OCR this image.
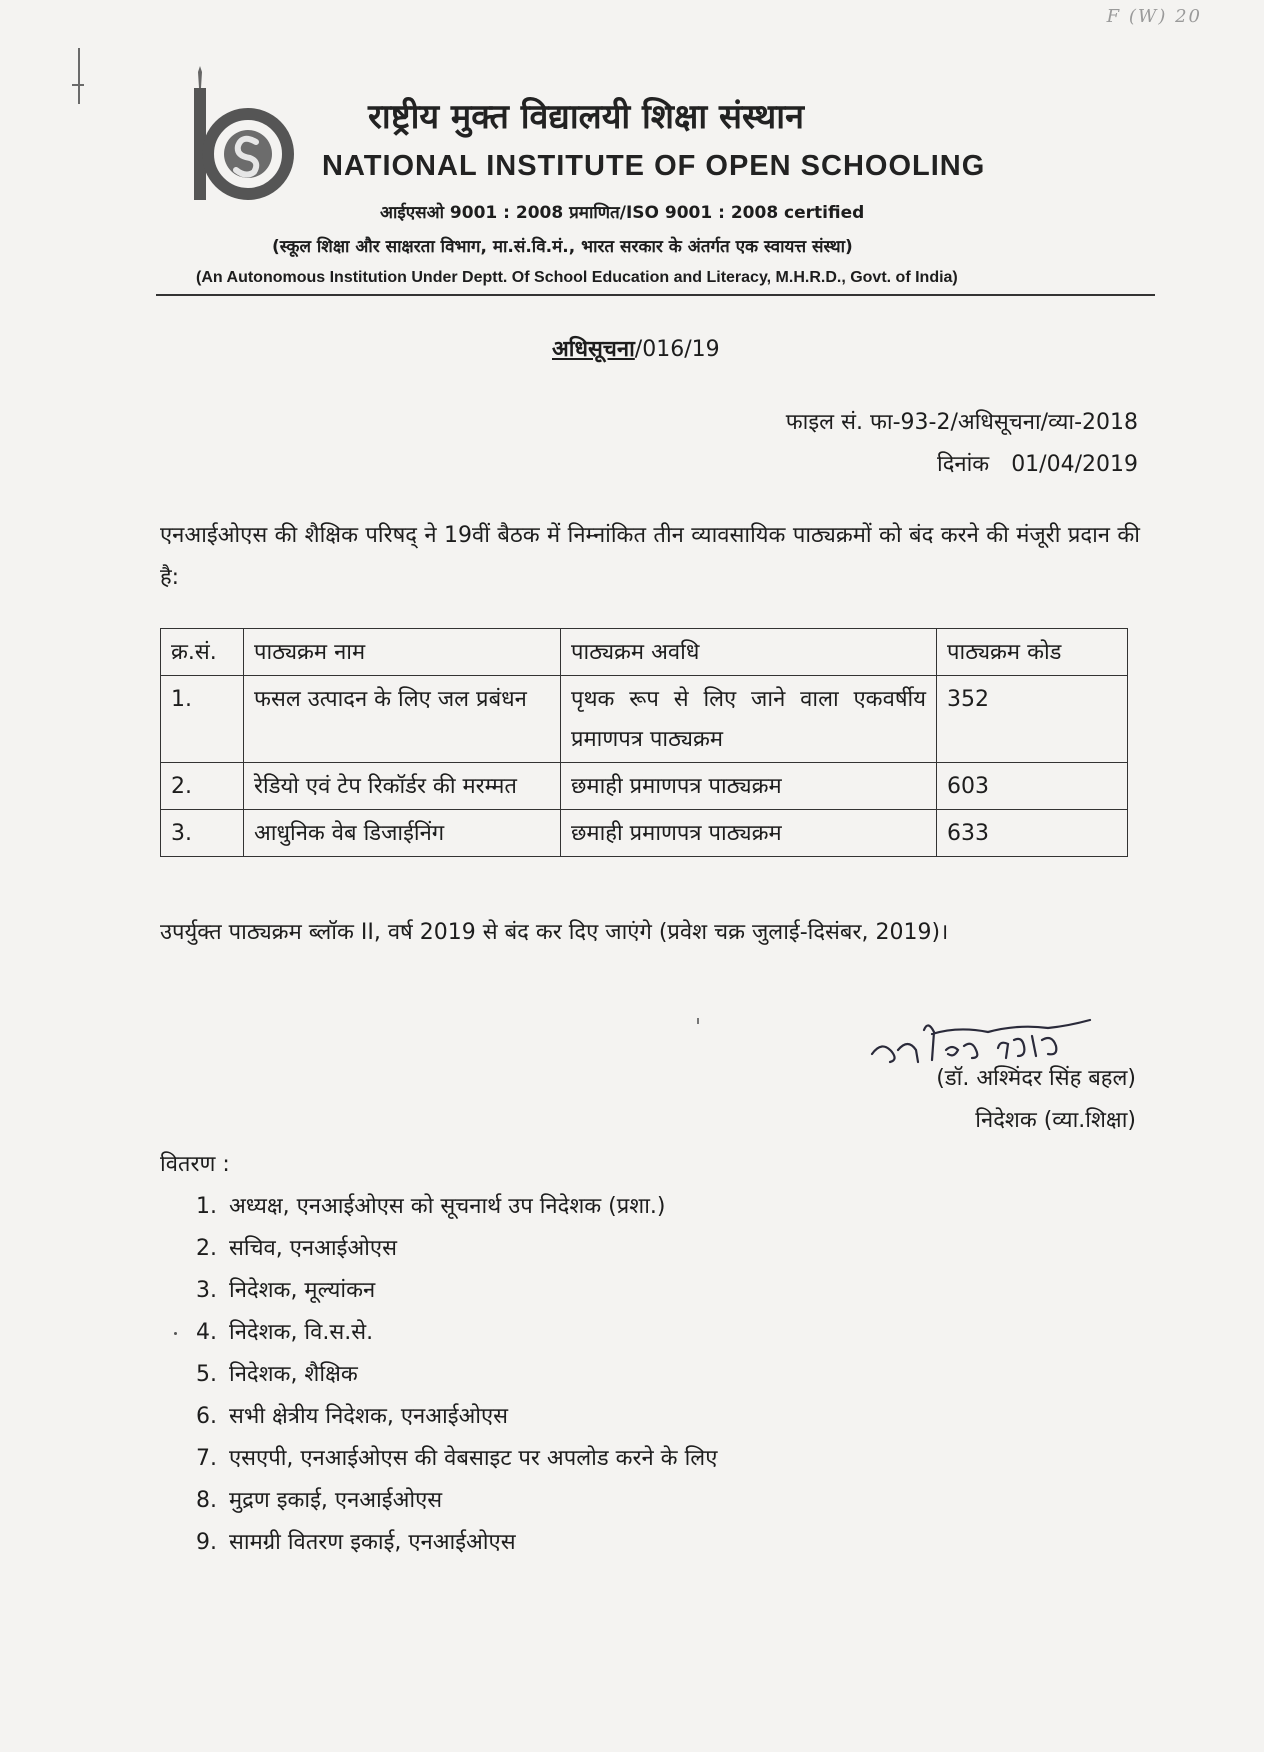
F (W) 20
राष्ट्रीय मुक्त विद्यालयी शिक्षा संस्थान
NATIONAL INSTITUTE OF OPEN SCHOOLING
आईएसओ 9001 : 2008 प्रमाणित/ISO 9001 : 2008 certified
(स्कूल शिक्षा और साक्षरता विभाग, मा.सं.वि.मं., भारत सरकार के अंतर्गत एक स्वायत्त संस्था)
(An Autonomous Institution Under Deptt. Of School Education and Literacy, M.H.R.D., Govt. of India)
अधिसूचना/016/19
फाइल सं. फा-93-2/अधिसूचना/व्या-2018
दिनांक 01/04/2019
एनआईओएस की शैक्षिक परिषद् ने 19वीं बैठक में निम्नांकित तीन व्यावसायिक पाठ्यक्रमों को बंद करने की मंजूरी प्रदान की है:
क्र.सं.	पाठ्यक्रम नाम	पाठ्यक्रम अवधि	पाठ्यक्रम कोड
1.	फसल उत्पादन के लिए जल प्रबंधन	पृथक रूप से लिए जाने वाला एकवर्षीय प्रमाणपत्र पाठ्यक्रम	352
2.	रेडियो एवं टेप रिकॉर्डर की मरम्मत	छमाही प्रमाणपत्र पाठ्यक्रम	603
3.	आधुनिक वेब डिजाईनिंग	छमाही प्रमाणपत्र पाठ्यक्रम	633
उपर्युक्त पाठ्यक्रम ब्लॉक II, वर्ष 2019 से बंद कर दिए जाएंगे (प्रवेश चक्र जुलाई-दिसंबर, 2019)।
(डॉ. अश्मिंदर सिंह बहल)
निदेशक (व्या.शिक्षा)
वितरण :
1. अध्यक्ष, एनआईओएस को सूचनार्थ उप निदेशक (प्रशा.)
2. सचिव, एनआईओएस
3. निदेशक, मूल्यांकन
4. निदेशक, वि.स.से.
5. निदेशक, शैक्षिक
6. सभी क्षेत्रीय निदेशक, एनआईओएस
7. एसएपी, एनआईओएस की वेबसाइट पर अपलोड करने के लिए
8. मुद्रण इकाई, एनआईओएस
9. सामग्री वितरण इकाई, एनआईओएस
